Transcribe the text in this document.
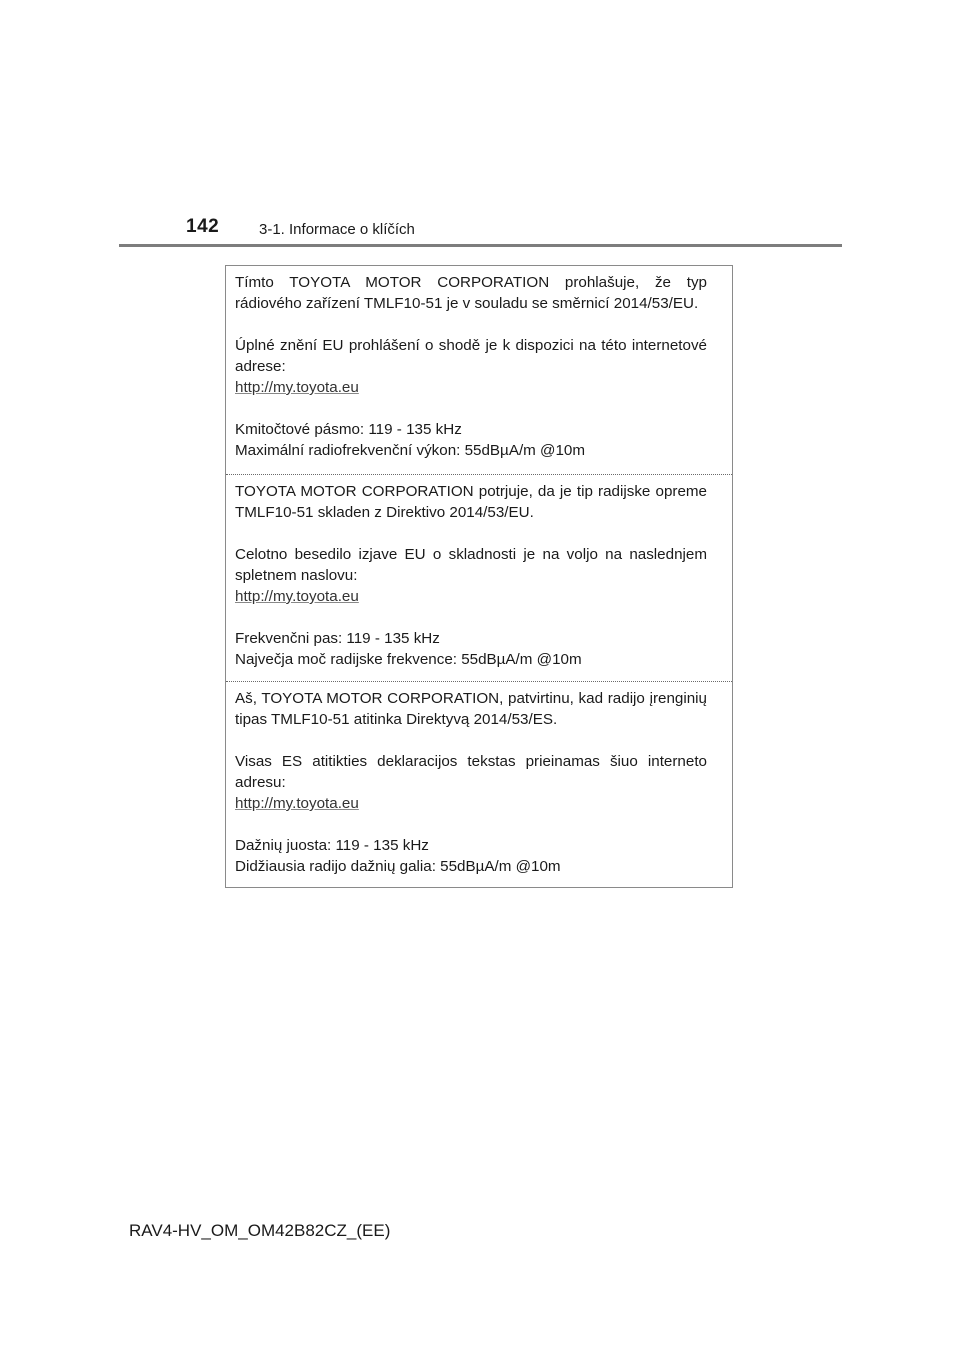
142	3-1. Informace o klíčích

Tímto TOYOTA MOTOR CORPORATION prohlašuje, že typ rádiového zařízení TMLF10-51 je v souladu se směrnicí 2014/53/EU.

Úplné znění EU prohlášení o shodě je k dispozici na této internetové adrese:

http://my.toyota.eu

Kmitočtové pásmo: 119 - 135 kHz

Maximální radiofrekvenční výkon: 55dBµA/m @10m

TOYOTA MOTOR CORPORATION potrjuje, da je tip radijske opreme TMLF10-51 skladen z Direktivo 2014/53/EU.

Celotno besedilo izjave EU o skladnosti je na voljo na naslednjem spletnem naslovu:

http://my.toyota.eu

Frekvenčni pas: 119 - 135 kHz

Največja moč radijske frekvence: 55dBµA/m @10m

Aš, TOYOTA MOTOR CORPORATION, patvirtinu, kad radijo įrenginių tipas TMLF10-51 atitinka Direktyvą 2014/53/ES.

Visas ES atitikties deklaracijos tekstas prieinamas šiuo interneto adresu:

http://my.toyota.eu

Dažnių juosta: 119 - 135 kHz

Didžiausia radijo dažnių galia: 55dBµA/m @10m

RAV4-HV_OM_OM42B82CZ_(EE)
